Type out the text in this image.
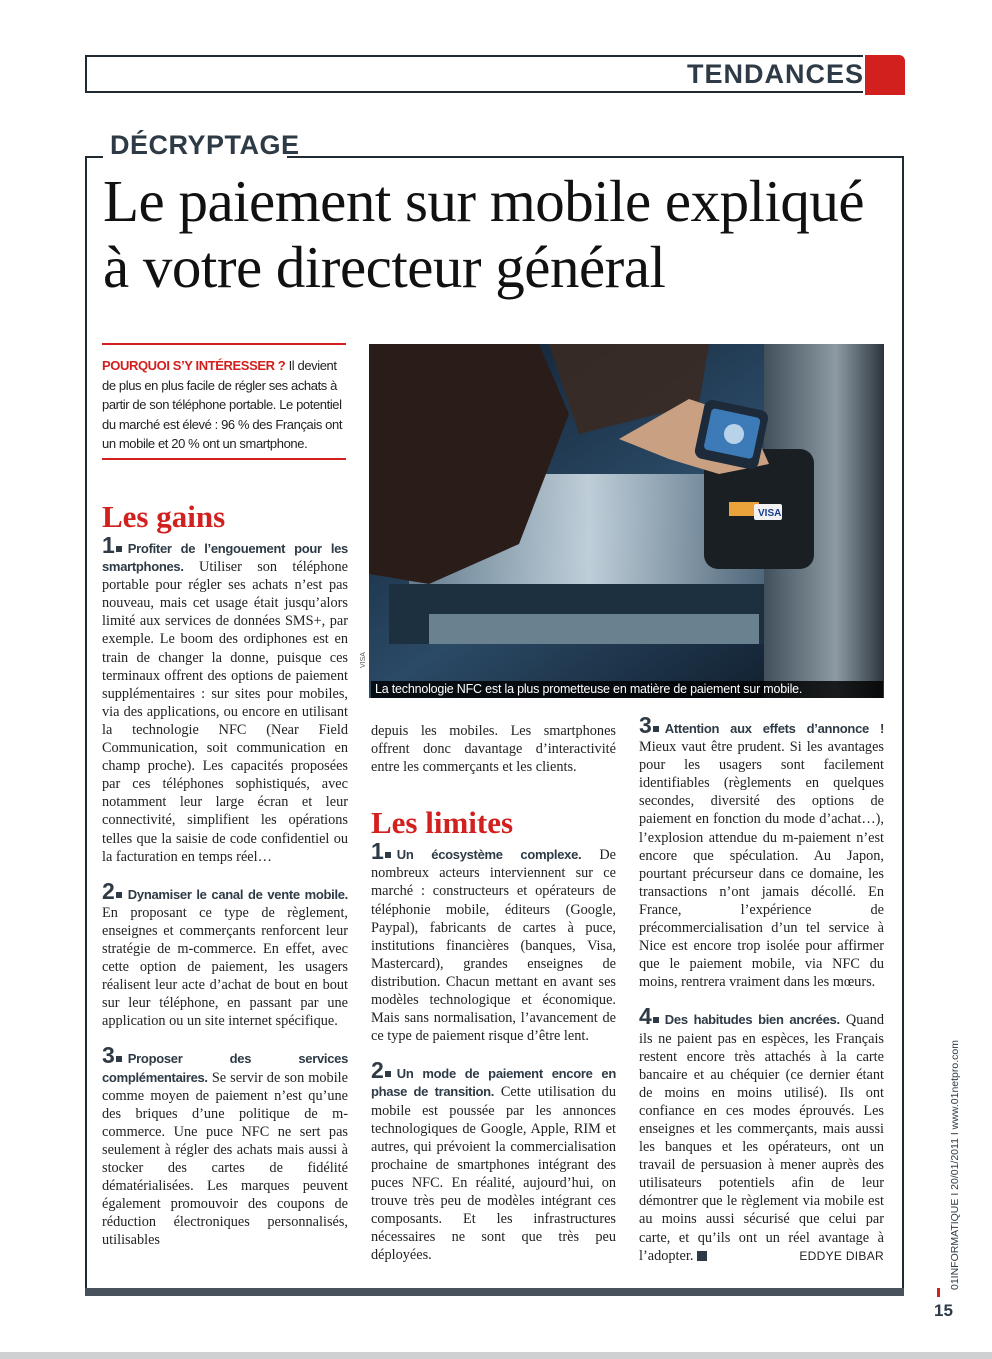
TENDANCES
DÉCRYPTAGE
Le paiement sur mobile expliqué
à votre directeur général
POURQUOI S’Y INTÉRESSER ? Il devient de plus en plus facile de régler ses achats à partir de son téléphone portable. Le potentiel du marché est élevé : 96 % des Français ont un mobile et 20 % ont un smartphone.
VISA
VISA
La technologie NFC est la plus prometteuse en matière de paiement sur mobile.
Les gains

1 Profiter de l’engouement pour les smartphones. Utiliser son téléphone portable pour régler ses achats n’est pas nouveau, mais cet usage était jusqu’alors limité aux services de données SMS+, par exemple. Le boom des ordiphones est en train de changer la donne, puisque ces terminaux offrent des options de paiement supplémentaires : sur sites pour mobiles, via des applications, ou encore en utilisant la technologie NFC (Near Field Communication, soit communication en champ proche). Les capacités proposées par ces téléphones sophistiqués, avec notamment leur large écran et leur connectivité, simplifient les opérations telles que la saisie de code confidentiel ou la facturation en temps réel…

2 Dynamiser le canal de vente mobile. En proposant ce type de règlement, enseignes et commerçants renforcent leur stratégie de m-commerce. En effet, avec cette option de paiement, les usagers réalisent leur acte d’achat de bout en bout sur leur téléphone, en passant par une application ou un site internet spécifique.

3 Proposer des services complémentaires. Se servir de son mobile comme moyen de paiement n’est qu’une des briques d’une politique de m-commerce. Une puce NFC ne sert pas seulement à régler des achats mais aussi à stocker des cartes de fidélité dématérialisées. Les marques peuvent également promouvoir des coupons de réduction électroniques personnalisés, utilisables

depuis les mobiles. Les smartphones offrent donc davantage d’interactivité entre les commerçants et les clients.

Les limites

1 Un écosystème complexe. De nombreux acteurs interviennent sur ce marché : constructeurs et opérateurs de téléphonie mobile, éditeurs (Google, Paypal), fabricants de cartes à puce, institutions financières (banques, Visa, Mastercard), grandes enseignes de distribution. Chacun mettant en avant ses modèles technologique et économique. Mais sans normalisation, l’avancement de ce type de paiement risque d’être lent.

2 Un mode de paiement encore en phase de transition. Cette utilisation du mobile est poussée par les annonces technologiques de Google, Apple, RIM et autres, qui prévoient la commercialisation prochaine de smartphones intégrant des puces NFC. En réalité, aujourd’hui, on trouve très peu de modèles intégrant ces composants. Et les infrastructures nécessaires ne sont que très peu déployées.

3 Attention aux effets d’annonce ! Mieux vaut être prudent. Si les avantages pour les usagers sont facilement identifiables (règlements en quelques secondes, diversité des options de paiement en fonction du mode d’achat…), l’explosion attendue du m-paiement n’est encore que spéculation. Au Japon, pourtant précurseur dans ce domaine, les transactions n’ont jamais décollé. En France, l’expérience de précommercialisation d’un tel service à Nice est encore trop isolée pour affirmer que le paiement mobile, via NFC du moins, rentrera vraiment dans les mœurs.

4 Des habitudes bien ancrées. Quand ils ne paient pas en espèces, les Français restent encore très attachés à la carte bancaire et au chéquier (ce dernier étant de moins en moins utilisé). Ils ont confiance en ces modes éprouvés. Les enseignes et les commerçants, mais aussi les banques et les opérateurs, ont un travail de persuasion à mener auprès des utilisateurs potentiels afin de leur démontrer que le règlement via mobile est au moins aussi sécurisé que celui par carte, et qu’ils ont un réel avantage à l’adopter.	EDDYE DIBAR	01INFORMATIQUE I 20/01/2011 I www.01netpro.com
15
